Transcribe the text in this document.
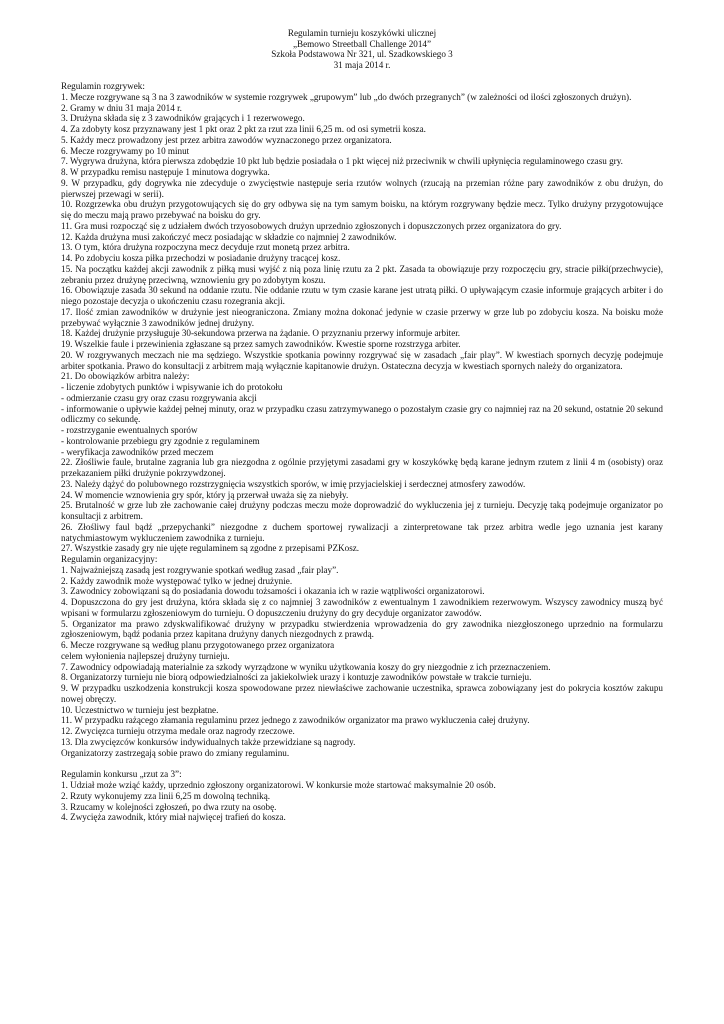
Regulamin turnieju koszykówki ulicznej
„Bemowo Streetball Challenge 2014”
Szkoła Podstawowa Nr 321, ul. Szadkowskiego 3
31 maja 2014 r.

Regulamin rozgrywek:

1. Mecze rozgrywane są 3 na 3 zawodników w systemie rozgrywek „grupowym” lub „do dwóch przegranych” (w zależności od ilości zgłoszonych drużyn).

2. Gramy w dniu 31 maja 2014 r.

3. Drużyna składa się z 3 zawodników grających i 1 rezerwowego.

4. Za zdobyty kosz przyznawany jest 1 pkt oraz 2 pkt za rzut zza linii 6,25 m. od osi symetrii kosza.

5. Każdy mecz prowadzony jest przez arbitra zawodów wyznaczonego przez organizatora.

6. Mecze rozgrywamy po 10 minut

7. Wygrywa drużyna, która pierwsza zdobędzie 10 pkt lub będzie posiadała o 1 pkt więcej niż przeciwnik w chwili upłynięcia regulaminowego czasu gry.

8. W przypadku remisu następuje 1 minutowa dogrywka.

9. W przypadku, gdy dogrywka nie zdecyduje o zwycięstwie następuje seria rzutów wolnych (rzucają na przemian różne pary zawodników z obu drużyn, do pierwszej przewagi w serii).

10. Rozgrzewka obu drużyn przygotowujących się do gry odbywa się na tym samym boisku, na którym rozgrywany będzie mecz. Tylko drużyny przygotowujące się do meczu mają prawo przebywać na boisku do gry.

11. Gra musi rozpocząć się z udziałem dwóch trzyosobowych drużyn uprzednio zgłoszonych i dopuszczonych przez organizatora do gry.

12. Każda drużyna musi zakończyć mecz posiadając w składzie co najmniej 2 zawodników.

13. O tym, która drużyna rozpoczyna mecz decyduje rzut monetą przez arbitra.

14. Po zdobyciu kosza piłka przechodzi w posiadanie drużyny tracącej kosz.

15. Na początku każdej akcji zawodnik z piłką musi wyjść z nią poza linię rzutu za 2 pkt. Zasada ta obowiązuje przy rozpoczęciu gry, stracie piłki(przechwycie), zebraniu przez drużynę przeciwną, wznowieniu gry po zdobytym koszu.

16. Obowiązuje zasada 30 sekund na oddanie rzutu. Nie oddanie rzutu w tym czasie karane jest utratą piłki. O upływającym czasie informuje grających arbiter i do niego pozostaje decyzja o ukończeniu czasu rozegrania akcji.

17. Ilość zmian zawodników w drużynie jest nieograniczona. Zmiany można dokonać jedynie w czasie przerwy w grze lub po zdobyciu kosza. Na boisku może przebywać wyłącznie 3 zawodników jednej drużyny.

18. Każdej drużynie przysługuje 30-sekundowa przerwa na żądanie. O przyznaniu przerwy informuje arbiter.

19. Wszelkie faule i przewinienia zgłaszane są przez samych zawodników. Kwestie sporne rozstrzyga arbiter.

20. W rozgrywanych meczach nie ma sędziego. Wszystkie spotkania powinny rozgrywać się w zasadach „fair play”. W kwestiach spornych decyzję podejmuje arbiter spotkania. Prawo do konsultacji z arbitrem mają wyłącznie kapitanowie drużyn. Ostateczna decyzja w kwestiach spornych należy do organizatora.

21. Do obowiązków arbitra należy:

- liczenie zdobytych punktów i wpisywanie ich do protokołu

- odmierzanie czasu gry oraz czasu rozgrywania akcji

- informowanie o upływie każdej pełnej minuty, oraz w przypadku czasu zatrzymywanego o pozostałym czasie gry co najmniej raz na 20 sekund, ostatnie 20 sekund odliczmy co sekundę.

- rozstrzyganie ewentualnych sporów

- kontrolowanie przebiegu gry zgodnie z regulaminem

- weryfikacja zawodników przed meczem

22. Złośliwie faule, brutalne zagrania lub gra niezgodna z ogólnie przyjętymi zasadami gry w koszykówkę będą karane jednym rzutem z linii 4 m (osobisty) oraz przekazaniem piłki drużynie pokrzywdzonej.

23. Należy dążyć do polubownego rozstrzygnięcia wszystkich sporów, w imię przyjacielskiej i serdecznej atmosfery zawodów.

24. W momencie wznowienia gry spór, który ją przerwał uważa się za niebyły.

25. Brutalność w grze lub złe zachowanie całej drużyny podczas meczu może doprowadzić do wykluczenia jej z turnieju. Decyzję taką podejmuje organizator po konsultacji z arbitrem.

26. Złośliwy faul bądź „przepychanki” niezgodne z duchem sportowej rywalizacji a zinterpretowane tak przez arbitra wedle jego uznania jest karany natychmiastowym wykluczeniem zawodnika z turnieju.

27. Wszystkie zasady gry nie ujęte regulaminem są zgodne z przepisami PZKosz.

Regulamin organizacyjny:

1. Najważniejszą zasadą jest rozgrywanie spotkań według zasad „fair play”.

2. Każdy zawodnik może występować tylko w jednej drużynie.

3. Zawodnicy zobowiązani są do posiadania dowodu tożsamości i okazania ich w razie wątpliwości organizatorowi.

4. Dopuszczona do gry jest drużyna, która składa się z co najmniej 3 zawodników z ewentualnym 1 zawodnikiem rezerwowym. Wszyscy zawodnicy muszą być wpisani w formularzu zgłoszeniowym do turnieju. O dopuszczeniu drużyny do gry decyduje organizator zawodów.

5. Organizator ma prawo zdyskwalifikować drużyny w przypadku stwierdzenia wprowadzenia do gry zawodnika niezgłoszonego uprzednio na formularzu zgłoszeniowym, bądź podania przez kapitana drużyny danych niezgodnych z prawdą.

6. Mecze rozgrywane są według planu przygotowanego przez organizatora

celem wyłonienia najlepszej drużyny turnieju.

7. Zawodnicy odpowiadają materialnie za szkody wyrządzone w wyniku użytkowania koszy do gry niezgodnie z ich przeznaczeniem.

8. Organizatorzy turnieju nie biorą odpowiedzialności za jakiekolwiek urazy i kontuzje zawodników powstałe w trakcie turnieju.

9. W przypadku uszkodzenia konstrukcji kosza spowodowane przez niewłaściwe zachowanie uczestnika, sprawca zobowiązany jest do pokrycia kosztów zakupu nowej obręczy.

10. Uczestnictwo w turnieju jest bezpłatne.

11. W przypadku rażącego złamania regulaminu przez jednego z zawodników organizator ma prawo wykluczenia całej drużyny.

12. Zwycięzca turnieju otrzyma medale oraz nagrody rzeczowe.

13. Dla zwycięzców konkursów indywidualnych także przewidziane są nagrody.

Organizatorzy zastrzegają sobie prawo do zmiany regulaminu.

Regulamin konkursu „rzut za 3”:

1. Udział może wziąć każdy, uprzednio zgłoszony organizatorowi. W konkursie może startować maksymalnie 20 osób.

2. Rzuty wykonujemy zza linii 6,25 m dowolną techniką.

3. Rzucamy w kolejności zgłoszeń, po dwa rzuty na osobę.

4. Zwycięża zawodnik, który miał najwięcej trafień do kosza.
